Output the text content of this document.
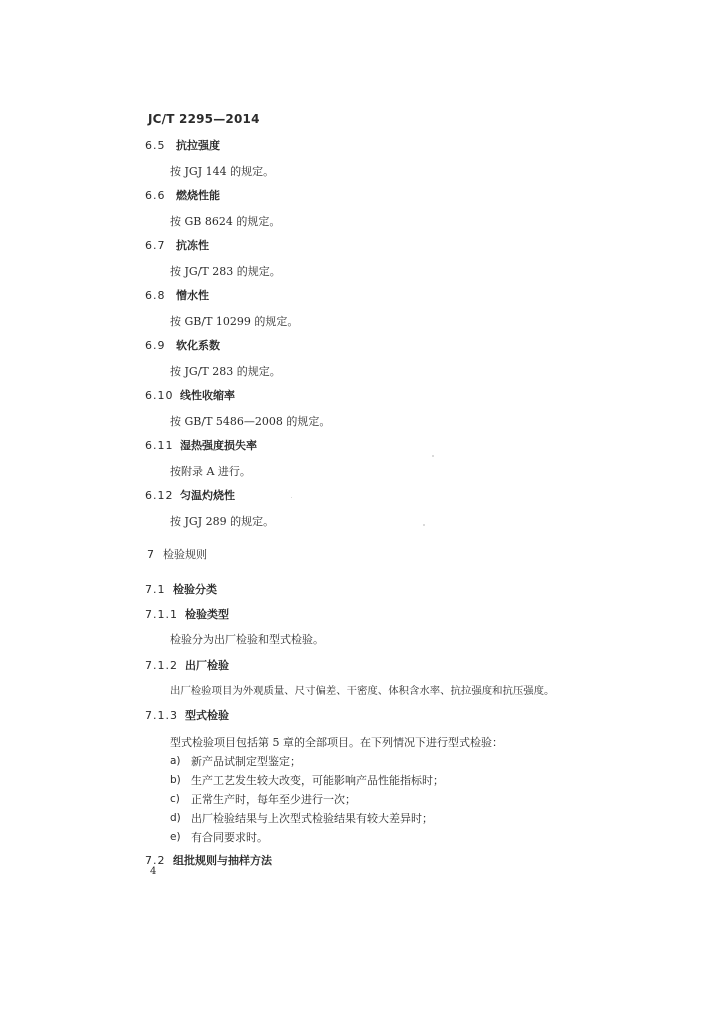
JC/T 2295—2014
6.5 抗拉强度
按 JGJ 144 的规定。
6.6 燃烧性能
按 GB 8624 的规定。
6.7 抗冻性
按 JG/T 283 的规定。
6.8 憎水性
按 GB/T 10299 的规定。
6.9 软化系数
按 JG/T 283 的规定。
6.10 线性收缩率
按 GB/T 5486—2008 的规定。
6.11 湿热强度损失率
按附录 A 进行。
6.12 匀温灼烧性
按 JGJ 289 的规定。
7 检验规则
7.1 检验分类
7.1.1 检验类型
检验分为出厂检验和型式检验。
7.1.2 出厂检验
出厂检验项目为外观质量、尺寸偏差、干密度、体积含水率、抗拉强度和抗压强度。
7.1.3 型式检验
型式检验项目包括第 5 章的全部项目。在下列情况下进行型式检验：
a) 新产品试制定型鉴定；
b) 生产工艺发生较大改变，可能影响产品性能指标时；
c) 正常生产时，每年至少进行一次；
d) 出厂检验结果与上次型式检验结果有较大差异时；
e) 有合同要求时。
7.2 组批规则与抽样方法
4
